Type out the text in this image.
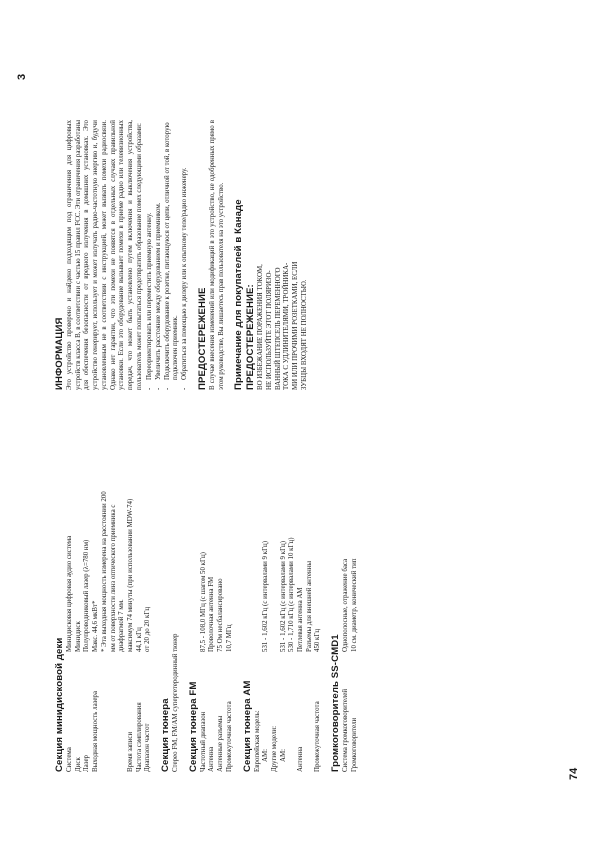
Секция минидисковой деки Система
Минидисковая цифровая аудио система
Диск
Минидиск
Лазер
Полупроводниковый лазер (λ=780 нм)
Выходная мощность лазера
Макс. 44,6 мкВт* * Эта выходная мощность измерена на расстоянии 200 мм от поверхности линз оптического приемника с диафрагмой 7 мм.
Время записи
максимум 74 минуты (при использовании MDW-74)
Частота сэмплирования
44,1 кГц
Диапазон частот
от 20 до 20 кГц

Секция тюнера Стерео FM, FM/AM супергетеродинный тюнер Секция тюнера FM Частотный диапазон
87,5 - 108,0 МГц (с шагом 50 кГц)
Антенна
Проволочная антенна FM
Антенные разъемы
75 Ом несбалансировано
Промежуточная частота
10,7 МГц

Секция тюнера AM Европейская модель: AM:
531 - 1,602 кГц (с интервалами 9 кГц)
Другие модели: AM:
531 - 1,602 кГц (с интервалами 9 кГц) 530 - 1,710 кГц (с интервалами 10 кГц)
Антенна
Петлевая антенна AM Разъемы для внешней антенны
Промежуточная частота
450 кГц Громкоговоритель SS-CMD1 Система громкоговорителей
Однополосные, отражение баса
Громкоговорители
10 см. диаметр, конический тип

ИНФОРМАЦИЯ Это устройство проверено и найдено подходящим под ограничения для цифровых устройств класса В, в соответствии с частью 15 правил FCC. Эти ограничения разработаны для обеспечения безопасности от вредного излучения в домашних установках. Это устройство генерирует, использует и может излучать радио-частотную энергию и, будучи установленным не в соответствии с инструкцией, может вызвать помехи радиосвязи. Однако нет гарантии, что эти помехи не появятся в отдельных случаях правильной установки. Если это оборудование вызывает помехи в приеме радио или телевизионных передач, что может быть установлено путем включения и выключения устройства, пользователь может попытаться предотвратить образование помех следующими образами: -
Переориентировать или переместить приемную антенну.
-
Увеличить расстояние между оборудованием и приемником.
-
Подключить оборудование к розетке, питающуюся от цепи, отличной от той, в которую подключен приемник.
-
Обратиться за помощью к дилеру или к опытному теле/радио инженеру. ПРЕДОСТЕРЕЖЕНИЕ В случае внесения изменений или модификаций в это устройство, не одобренных прямо в этом руководстве, Вы лишаетесь прав пользователя на это устройство. Примечание для покупателей в Канаде ПРЕДОСТЕРЕЖЕНИЕ: ВО ИЗБЕЖАНИЕ ПОРАЖЕНИЯ ТОКОМ, НЕ ИСПОЛЬЗУЙТЕ ЭТОТ ПОЛЯРИЗО- ВАННЫЙ ШТЕПСЕЛЬ ПЕРЕМЕННОГО ТОКА С УДЛИНИТЕЛЯМИ, ТРОЙНИКА- МИ ИЛИ ПРОЧИМИ РОЗЕТКАМИ, ЕСЛИ ЗУБЦЫ ВХОДЯТ НЕ ПОЛНОСТЬЮ.

74
3
